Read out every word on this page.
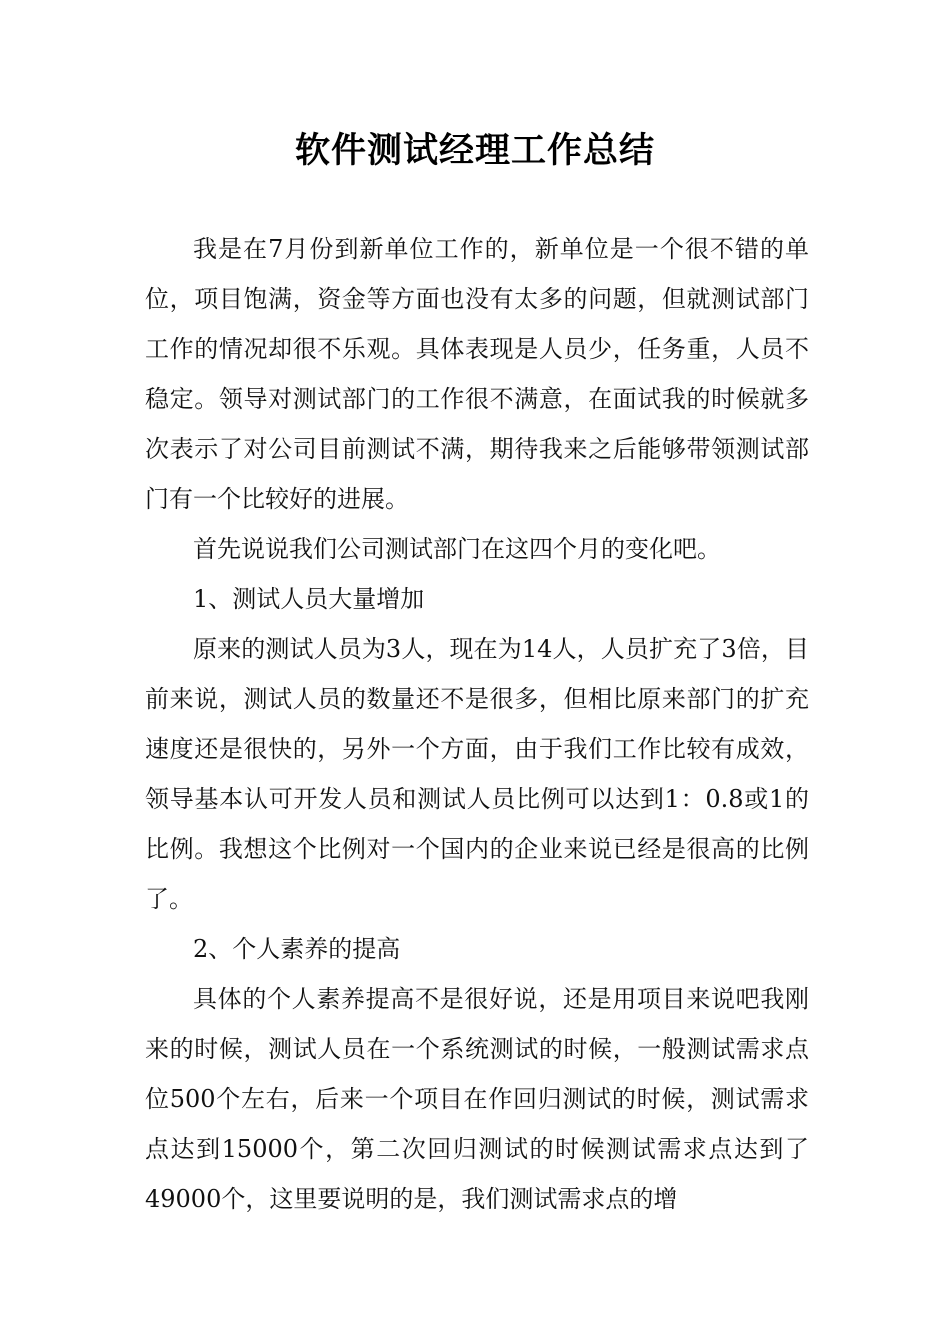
软件测试经理工作总结

我是在7月份到新单位工作的，新单位是一个很不错的单位，项目饱满，资金等方面也没有太多的问题，但就测试部门工作的情况却很不乐观。具体表现是人员少，任务重，人员不稳定。领导对测试部门的工作很不满意，在面试我的时候就多次表示了对公司目前测试不满，期待我来之后能够带领测试部门有一个比较好的进展。

首先说说我们公司测试部门在这四个月的变化吧。

1、测试人员大量增加

原来的测试人员为3人，现在为14人，人员扩充了3倍，目前来说，测试人员的数量还不是很多，但相比原来部门的扩充速度还是很快的，另外一个方面，由于我们工作比较有成效，领导基本认可开发人员和测试人员比例可以达到1：0.8或1的比例。我想这个比例对一个国内的企业来说已经是很高的比例了。

2、个人素养的提高

具体的个人素养提高不是很好说，还是用项目来说吧我刚来的时候，测试人员在一个系统测试的时候，一般测试需求点位500个左右，后来一个项目在作回归测试的时候，测试需求点达到15000个，第二次回归测试的时候测试需求点达到了49000个，这里要说明的是，我们测试需求点的增
